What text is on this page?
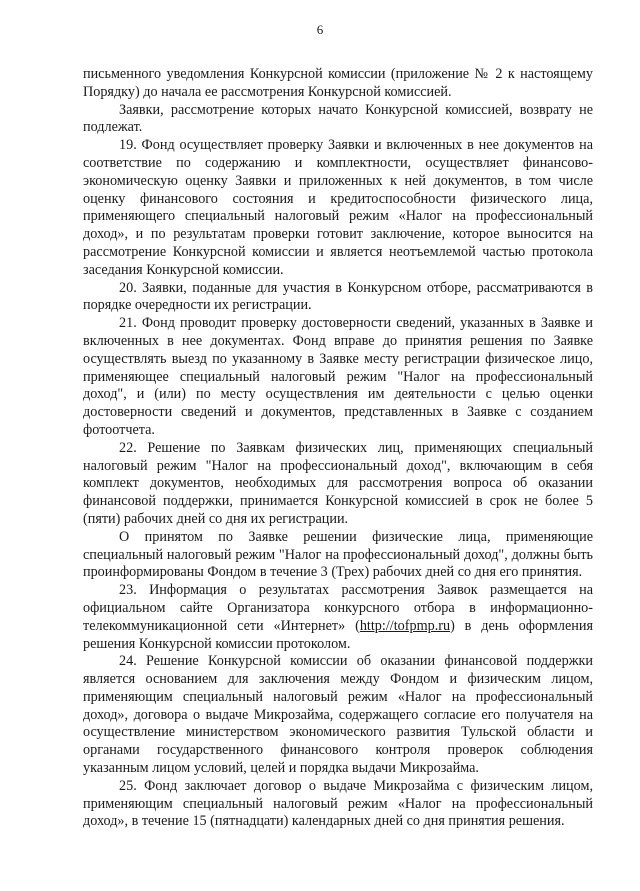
6

письменного уведомления Конкурсной комиссии (приложение № 2 к настоящему Порядку) до начала ее рассмотрения Конкурсной комиссией.

Заявки, рассмотрение которых начато Конкурсной комиссией, возврату не подлежат.

19. Фонд осуществляет проверку Заявки и включенных в нее документов на соответствие по содержанию и комплектности, осуществляет финансово-экономическую оценку Заявки и приложенных к ней документов, в том числе оценку финансового состояния и кредитоспособности физического лица, применяющего специальный налоговый режим «Налог на профессиональный доход», и по результатам проверки готовит заключение, которое выносится на рассмотрение Конкурсной комиссии и является неотъемлемой частью протокола заседания Конкурсной комиссии.

20. Заявки, поданные для участия в Конкурсном отборе, рассматриваются в порядке очередности их регистрации.

21. Фонд проводит проверку достоверности сведений, указанных в Заявке и включенных в нее документах. Фонд вправе до принятия решения по Заявке осуществлять выезд по указанному в Заявке месту регистрации физическое лицо, применяющее специальный налоговый режим "Налог на профессиональный доход", и (или) по месту осуществления им деятельности с целью оценки достоверности сведений и документов, представленных в Заявке с созданием фотоотчета.

22. Решение по Заявкам физических лиц, применяющих специальный налоговый режим "Налог на профессиональный доход", включающим в себя комплект документов, необходимых для рассмотрения вопроса об оказании финансовой поддержки, принимается Конкурсной комиссией в срок не более 5 (пяти) рабочих дней со дня их регистрации.

О принятом по Заявке решении физические лица, применяющие специальный налоговый режим "Налог на профессиональный доход", должны быть проинформированы Фондом в течение 3 (Трех) рабочих дней со дня его принятия.

23. Информация о результатах рассмотрения Заявок размещается на официальном сайте Организатора конкурсного отбора в информационно-телекоммуникационной сети «Интернет» (http://tofpmp.ru) в день оформления решения Конкурсной комиссии протоколом.

24. Решение Конкурсной комиссии об оказании финансовой поддержки является основанием для заключения между Фондом и физическим лицом, применяющим специальный налоговый режим «Налог на профессиональный доход», договора о выдаче Микрозайма, содержащего согласие его получателя на осуществление министерством экономического развития Тульской области и органами государственного финансового контроля проверок соблюдения указанным лицом условий, целей и порядка выдачи Микрозайма.

25. Фонд заключает договор о выдаче Микрозайма с физическим лицом, применяющим специальный налоговый режим «Налог на профессиональный доход», в течение 15 (пятнадцати) календарных дней со дня принятия решения.
